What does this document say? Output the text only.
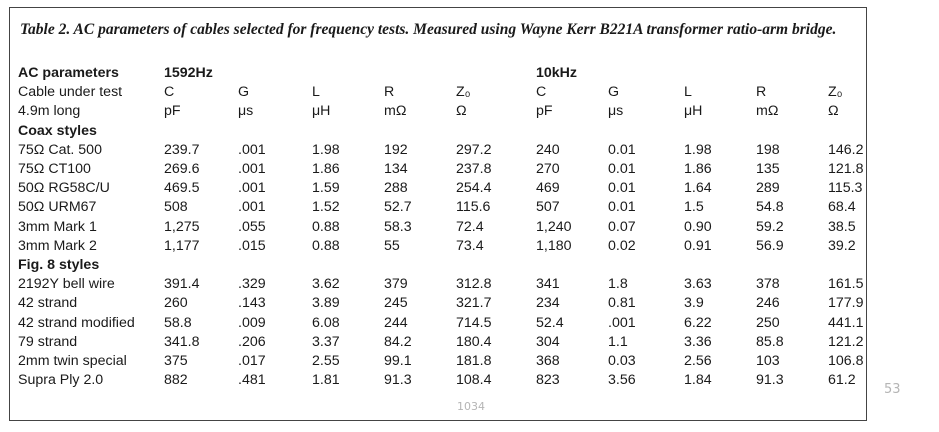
Table 2. AC parameters of cables selected for frequency tests. Measured using Wayne Kerr B221A transformer ratio-arm bridge.
AC parameters	1592Hz					10kHz				
Cable under test	C	G	L	R	Z₀	C	G	L	R	Z₀
4.9m long	pF	μs	μH	mΩ	Ω	pF	μs	μH	mΩ	Ω
Coax styles										
75Ω Cat. 500	239.7	.001	1.98	192	297.2	240	0.01	1.98	198	146.2
75Ω CT100	269.6	.001	1.86	134	237.8	270	0.01	1.86	135	121.8
50Ω RG58C/U	469.5	.001	1.59	288	254.4	469	0.01	1.64	289	115.3
50Ω URM67	508	.001	1.52	52.7	115.6	507	0.01	1.5	54.8	68.4
3mm Mark 1	1,275	.055	0.88	58.3	72.4	1,240	0.07	0.90	59.2	38.5
3mm Mark 2	1,177	.015	0.88	55	73.4	1,180	0.02	0.91	56.9	39.2
Fig. 8 styles										
2192Y bell wire	391.4	.329	3.62	379	312.8	341	1.8	3.63	378	161.5
42 strand	260	.143	3.89	245	321.7	234	0.81	3.9	246	177.9
42 strand modified	58.8	.009	6.08	244	714.5	52.4	.001	6.22	250	441.1
79 strand	341.8	.206	3.37	84.2	180.4	304	1.1	3.36	85.8	121.2
2mm twin special	375	.017	2.55	99.1	181.8	368	0.03	2.56	103	106.8
Supra Ply 2.0	882	.481	1.81	91.3	108.4	823	3.56	1.84	91.3	61.2
1034
53
